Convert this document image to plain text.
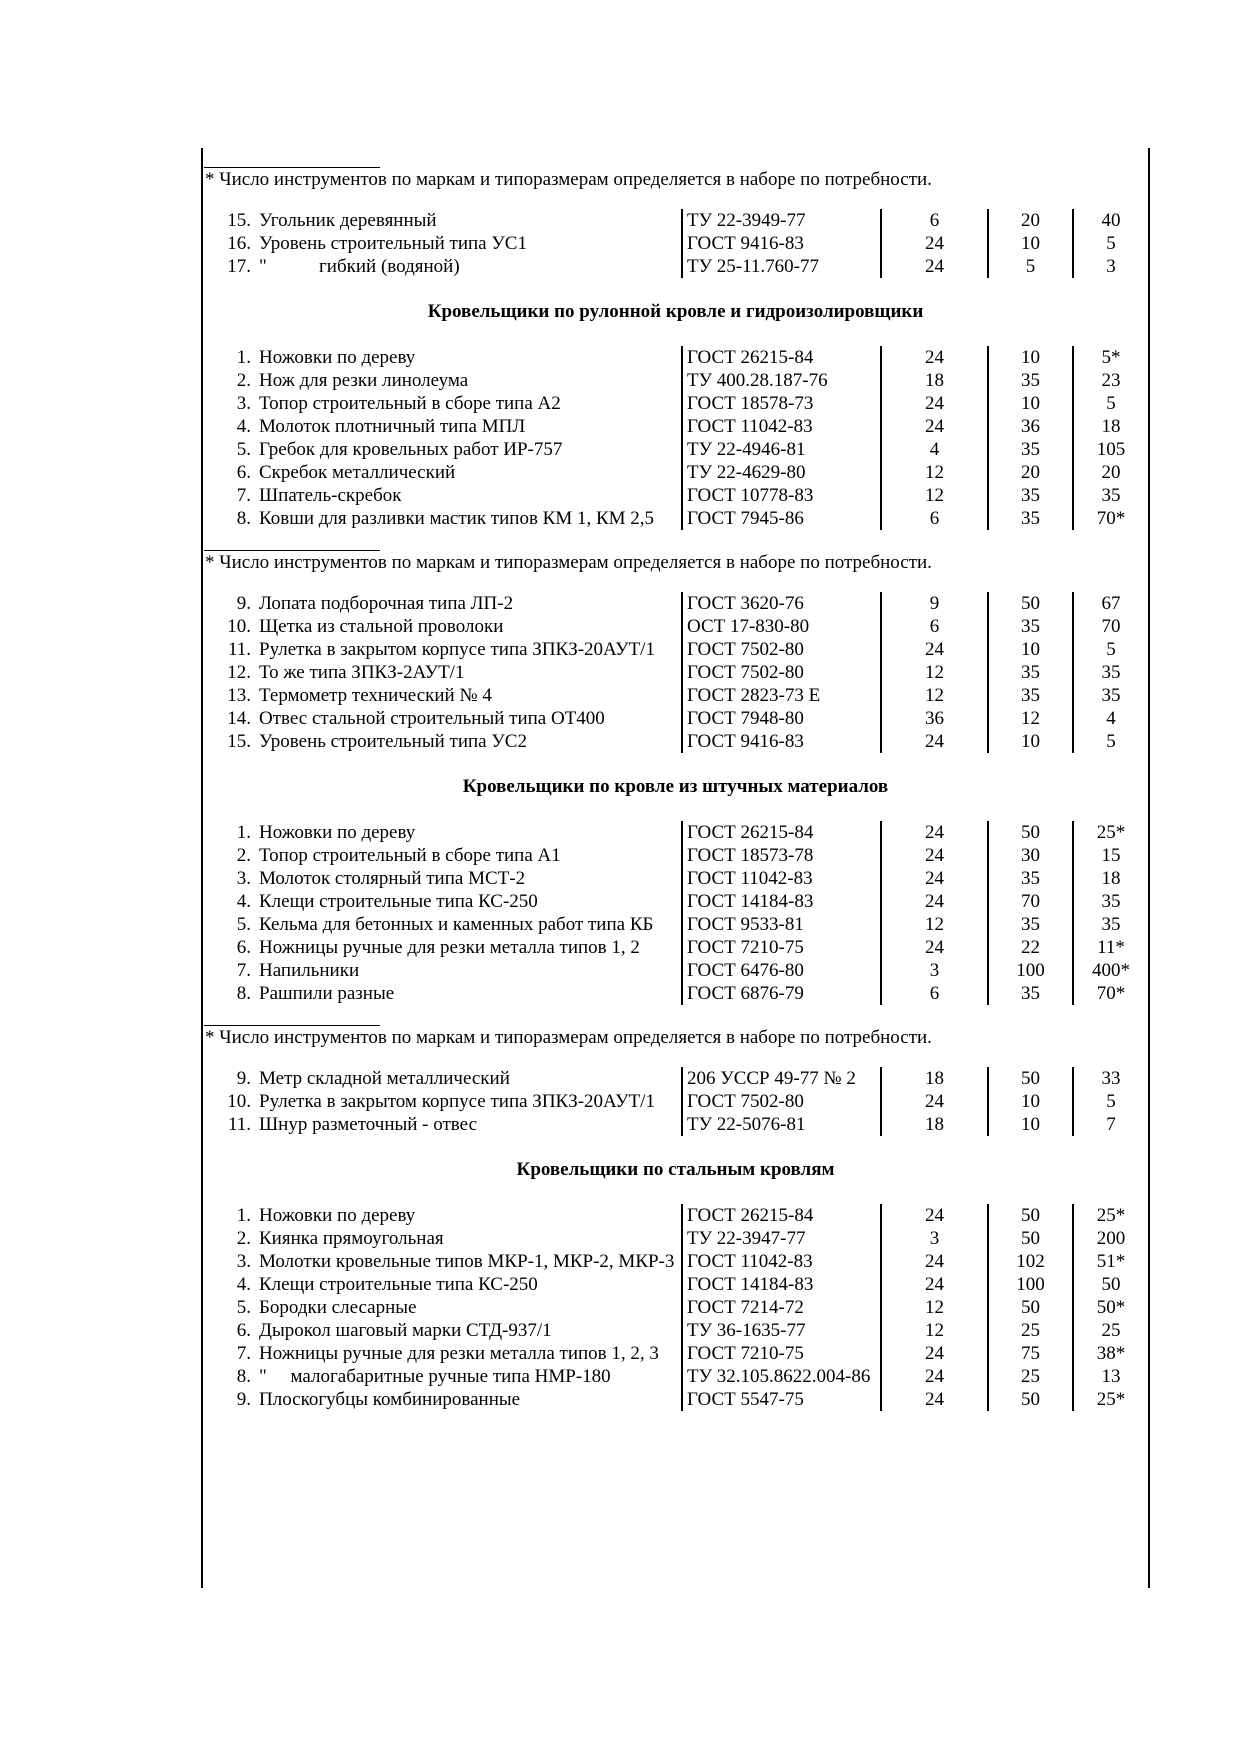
* Число инструментов по маркам и типоразмерам определяется в наборе по потребности.
15.	Угольник деревянный	ТУ 22-3949-77	6	20	40
16.	Уровень строительный типа УС1	ГОСТ 9416-83	24	10	5
17.	"           гибкий (водяной)	ТУ 25-11.760-77	24	5	3
Кровельщики по рулонной кровле и гидроизолировщики
1.	Ножовки по дереву	ГОСТ 26215-84	24	10	5*
2.	Нож для резки линолеума	ТУ 400.28.187-76	18	35	23
3.	Топор строительный в сборе типа А2	ГОСТ 18578-73	24	10	5
4.	Молоток плотничный типа МПЛ	ГОСТ 11042-83	24	36	18
5.	Гребок для кровельных работ ИР-757	ТУ 22-4946-81	4	35	105
6.	Скребок металлический	ТУ 22-4629-80	12	20	20
7.	Шпатель-скребок	ГОСТ 10778-83	12	35	35
8.	Ковши для разливки мастик типов КМ 1, КМ 2,5	ГОСТ 7945-86	6	35	70*
* Число инструментов по маркам и типоразмерам определяется в наборе по потребности.
9.	Лопата подборочная типа ЛП-2	ГОСТ 3620-76	9	50	67
10.	Щетка из стальной проволоки	ОСТ 17-830-80	6	35	70
11.	Рулетка в закрытом корпусе типа ЗПКЗ-20АУТ/1	ГОСТ 7502-80	24	10	5
12.	То же типа ЗПКЗ-2АУТ/1	ГОСТ 7502-80	12	35	35
13.	Термометр технический № 4	ГОСТ 2823-73 Е	12	35	35
14.	Отвес стальной строительный типа ОТ400	ГОСТ 7948-80	36	12	4
15.	Уровень строительный типа УС2	ГОСТ 9416-83	24	10	5
Кровельщики по кровле из штучных материалов
1.	Ножовки по дереву	ГОСТ 26215-84	24	50	25*
2.	Топор строительный в сборе типа А1	ГОСТ 18573-78	24	30	15
3.	Молоток столярный типа МСТ-2	ГОСТ 11042-83	24	35	18
4.	Клещи строительные типа КС-250	ГОСТ 14184-83	24	70	35
5.	Кельма для бетонных и каменных работ типа КБ	ГОСТ 9533-81	12	35	35
6.	Ножницы ручные для резки металла типов 1, 2	ГОСТ 7210-75	24	22	11*
7.	Напильники	ГОСТ 6476-80	3	100	400*
8.	Рашпили разные	ГОСТ 6876-79	6	35	70*
* Число инструментов по маркам и типоразмерам определяется в наборе по потребности.
9.	Метр складной металлический	206 УССР 49-77 № 2	18	50	33
10.	Рулетка в закрытом корпусе типа ЗПКЗ-20АУТ/1	ГОСТ 7502-80	24	10	5
11.	Шнур разметочный - отвес	ТУ 22-5076-81	18	10	7
Кровельщики по стальным кровлям
1.	Ножовки по дереву	ГОСТ 26215-84	24	50	25*
2.	Киянка прямоугольная	ТУ 22-3947-77	3	50	200
3.	Молотки кровельные типов МКР-1, МКР-2, МКР-3	ГОСТ 11042-83	24	102	51*
4.	Клещи строительные типа КС-250	ГОСТ 14184-83	24	100	50
5.	Бородки слесарные	ГОСТ 7214-72	12	50	50*
6.	Дырокол шаговый марки СТД-937/1	ТУ 36-1635-77	12	25	25
7.	Ножницы ручные для резки металла типов 1, 2, 3	ГОСТ 7210-75	24	75	38*
8.	"     малогабаритные ручные типа НМР-180	ТУ 32.105.8622.004-86	24	25	13
9.	Плоскогубцы комбинированные	ГОСТ 5547-75	24	50	25*
